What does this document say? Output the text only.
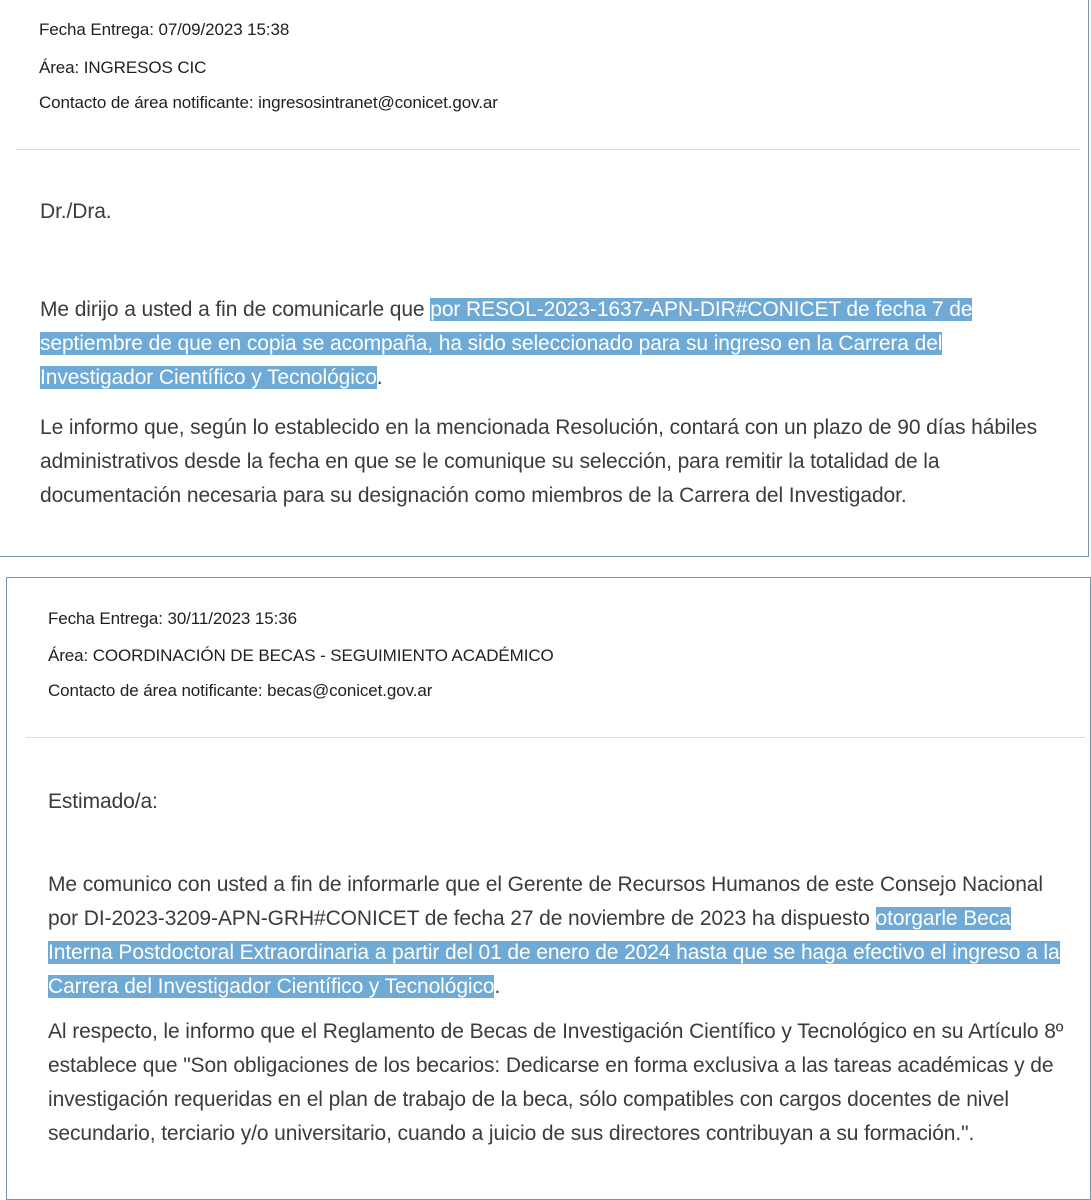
Fecha Entrega: 07/09/2023 15:38
Área: INGRESOS CIC
Contacto de área notificante: ingresosintranet@conicet.gov.ar
Dr./Dra.

Me dirijo a usted a fin de comunicarle que por RESOL-2023-1637-APN-DIR#CONICET de fecha 7 de septiembre de que en copia se acompaña, ha sido seleccionado para su ingreso en la Carrera del Investigador Científico y Tecnológico.

Le informo que, según lo establecido en la mencionada Resolución, contará con un plazo de 90 días hábiles administrativos desde la fecha en que se le comunique su selección, para remitir la totalidad de la documentación necesaria para su designación como miembros de la Carrera del Investigador.

Fecha Entrega: 30/11/2023 15:36
Área: COORDINACIÓN DE BECAS - SEGUIMIENTO ACADÉMICO
Contacto de área notificante: becas@conicet.gov.ar
Estimado/a:

Me comunico con usted a fin de informarle que el Gerente de Recursos Humanos de este Consejo Nacional por DI-2023-3209-APN-GRH#CONICET de fecha 27 de noviembre de 2023 ha dispuesto otorgarle Beca Interna Postdoctoral Extraordinaria a partir del 01 de enero de 2024 hasta que se haga efectivo el ingreso a la Carrera del Investigador Científico y Tecnológico.

Al respecto, le informo que el Reglamento de Becas de Investigación Científico y Tecnológico en su Artículo 8º establece que "Son obligaciones de los becarios: Dedicarse en forma exclusiva a las tareas académicas y de investigación requeridas en el plan de trabajo de la beca, sólo compatibles con cargos docentes de nivel secundario, terciario y/o universitario, cuando a juicio de sus directores contribuyan a su formación.".
